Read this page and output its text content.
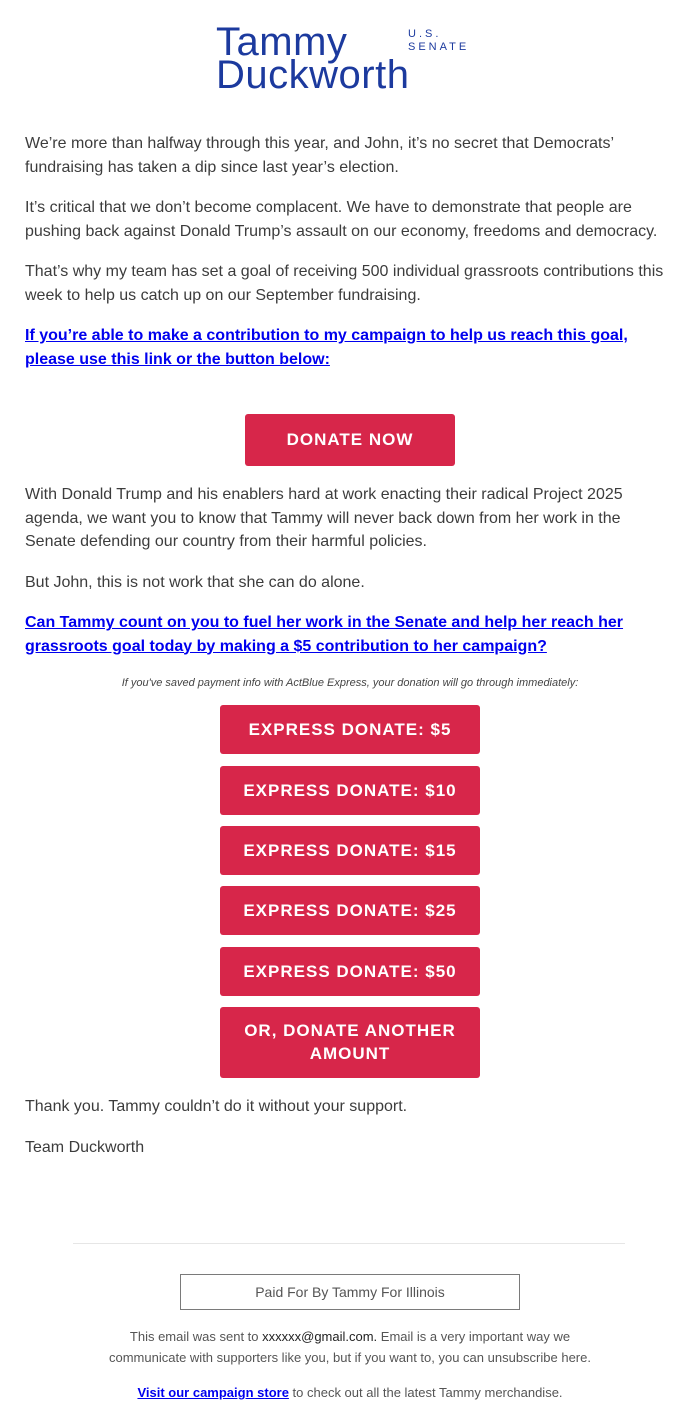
Tammy
Duckworth
U.S.
SENATE

We’re more than halfway through this year, and John, it’s no secret that Democrats’ fundraising has taken a dip since last year’s election.

It’s critical that we don’t become complacent. We have to demonstrate that people are pushing back against Donald Trump’s assault on our economy, freedoms and democracy.

That’s why my team has set a goal of receiving 500 individual grassroots contributions this week to help us catch up on our September fundraising.

If you’re able to make a contribution to my campaign to help us reach this goal, please use this link or the button below:

DONATE NOW

With Donald Trump and his enablers hard at work enacting their radical Project 2025 agenda, we want you to know that Tammy will never back down from her work in the Senate defending our country from their harmful policies.

But John, this is not work that she can do alone.

Can Tammy count on you to fuel her work in the Senate and help her reach her grassroots goal today by making a $5 contribution to her campaign?

If you've saved payment info with ActBlue Express, your donation will go through immediately:
EXPRESS DONATE: $5
EXPRESS DONATE: $10
EXPRESS DONATE: $15
EXPRESS DONATE: $25
EXPRESS DONATE: $50
OR, DONATE ANOTHER
AMOUNT

Thank you. Tammy couldn’t do it without your support.

Team Duckworth

Paid For By Tammy For Illinois
This email was sent to xxxxxx@gmail.com. Email is a very important way we
communicate with supporters like you, but if you want to, you can unsubscribe here.
Visit our campaign store to check out all the latest Tammy merchandise.
